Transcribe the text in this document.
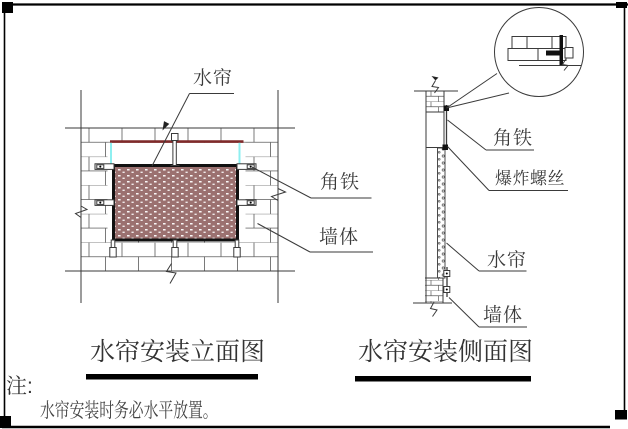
水帘
角铁
墙体
角铁
爆炸螺丝
水帘
墙体
水帘安装立面图	水帘安装侧面图
注:
水帘安装时务必水平放置。
